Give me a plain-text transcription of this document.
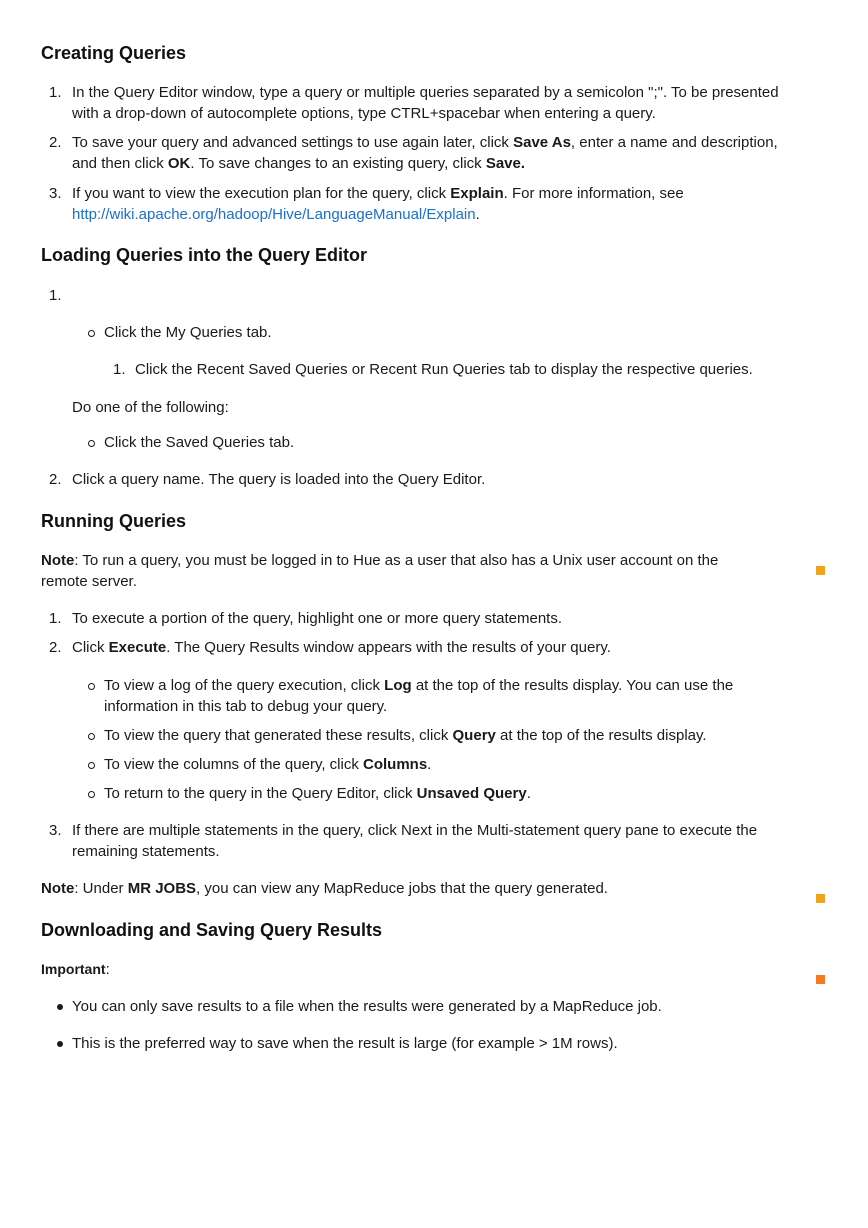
Creating Queries
1. In the Query Editor window, type a query or multiple queries separated by a semicolon ";". To be presented
with a drop-down of autocomplete options, type CTRL+spacebar when entering a query.
2. To save your query and advanced settings to use again later, click Save As, enter a name and description,
and then click OK. To save changes to an existing query, click Save.
3. If you want to view the execution plan for the query, click Explain. For more information, see
http://wiki.apache.org/hadoop/Hive/LanguageManual/Explain.
Loading Queries into the Query Editor
1.
Click the My Queries tab.
1. Click the Recent Saved Queries or Recent Run Queries tab to display the respective queries.
Do one of the following:
Click the Saved Queries tab.
2. Click a query name. The query is loaded into the Query Editor.
Running Queries
Note: To run a query, you must be logged in to Hue as a user that also has a Unix user account on the
remote server.
1. To execute a portion of the query, highlight one or more query statements.
2. Click Execute. The Query Results window appears with the results of your query.
To view a log of the query execution, click Log at the top of the results display. You can use the
information in this tab to debug your query.
To view the query that generated these results, click Query at the top of the results display.
To view the columns of the query, click Columns.
To return to the query in the Query Editor, click Unsaved Query.
3. If there are multiple statements in the query, click Next in the Multi-statement query pane to execute the
remaining statements.
Note: Under MR JOBS, you can view any MapReduce jobs that the query generated.
Downloading and Saving Query Results
Important:
You can only save results to a file when the results were generated by a MapReduce job.
This is the preferred way to save when the result is large (for example > 1M rows).
